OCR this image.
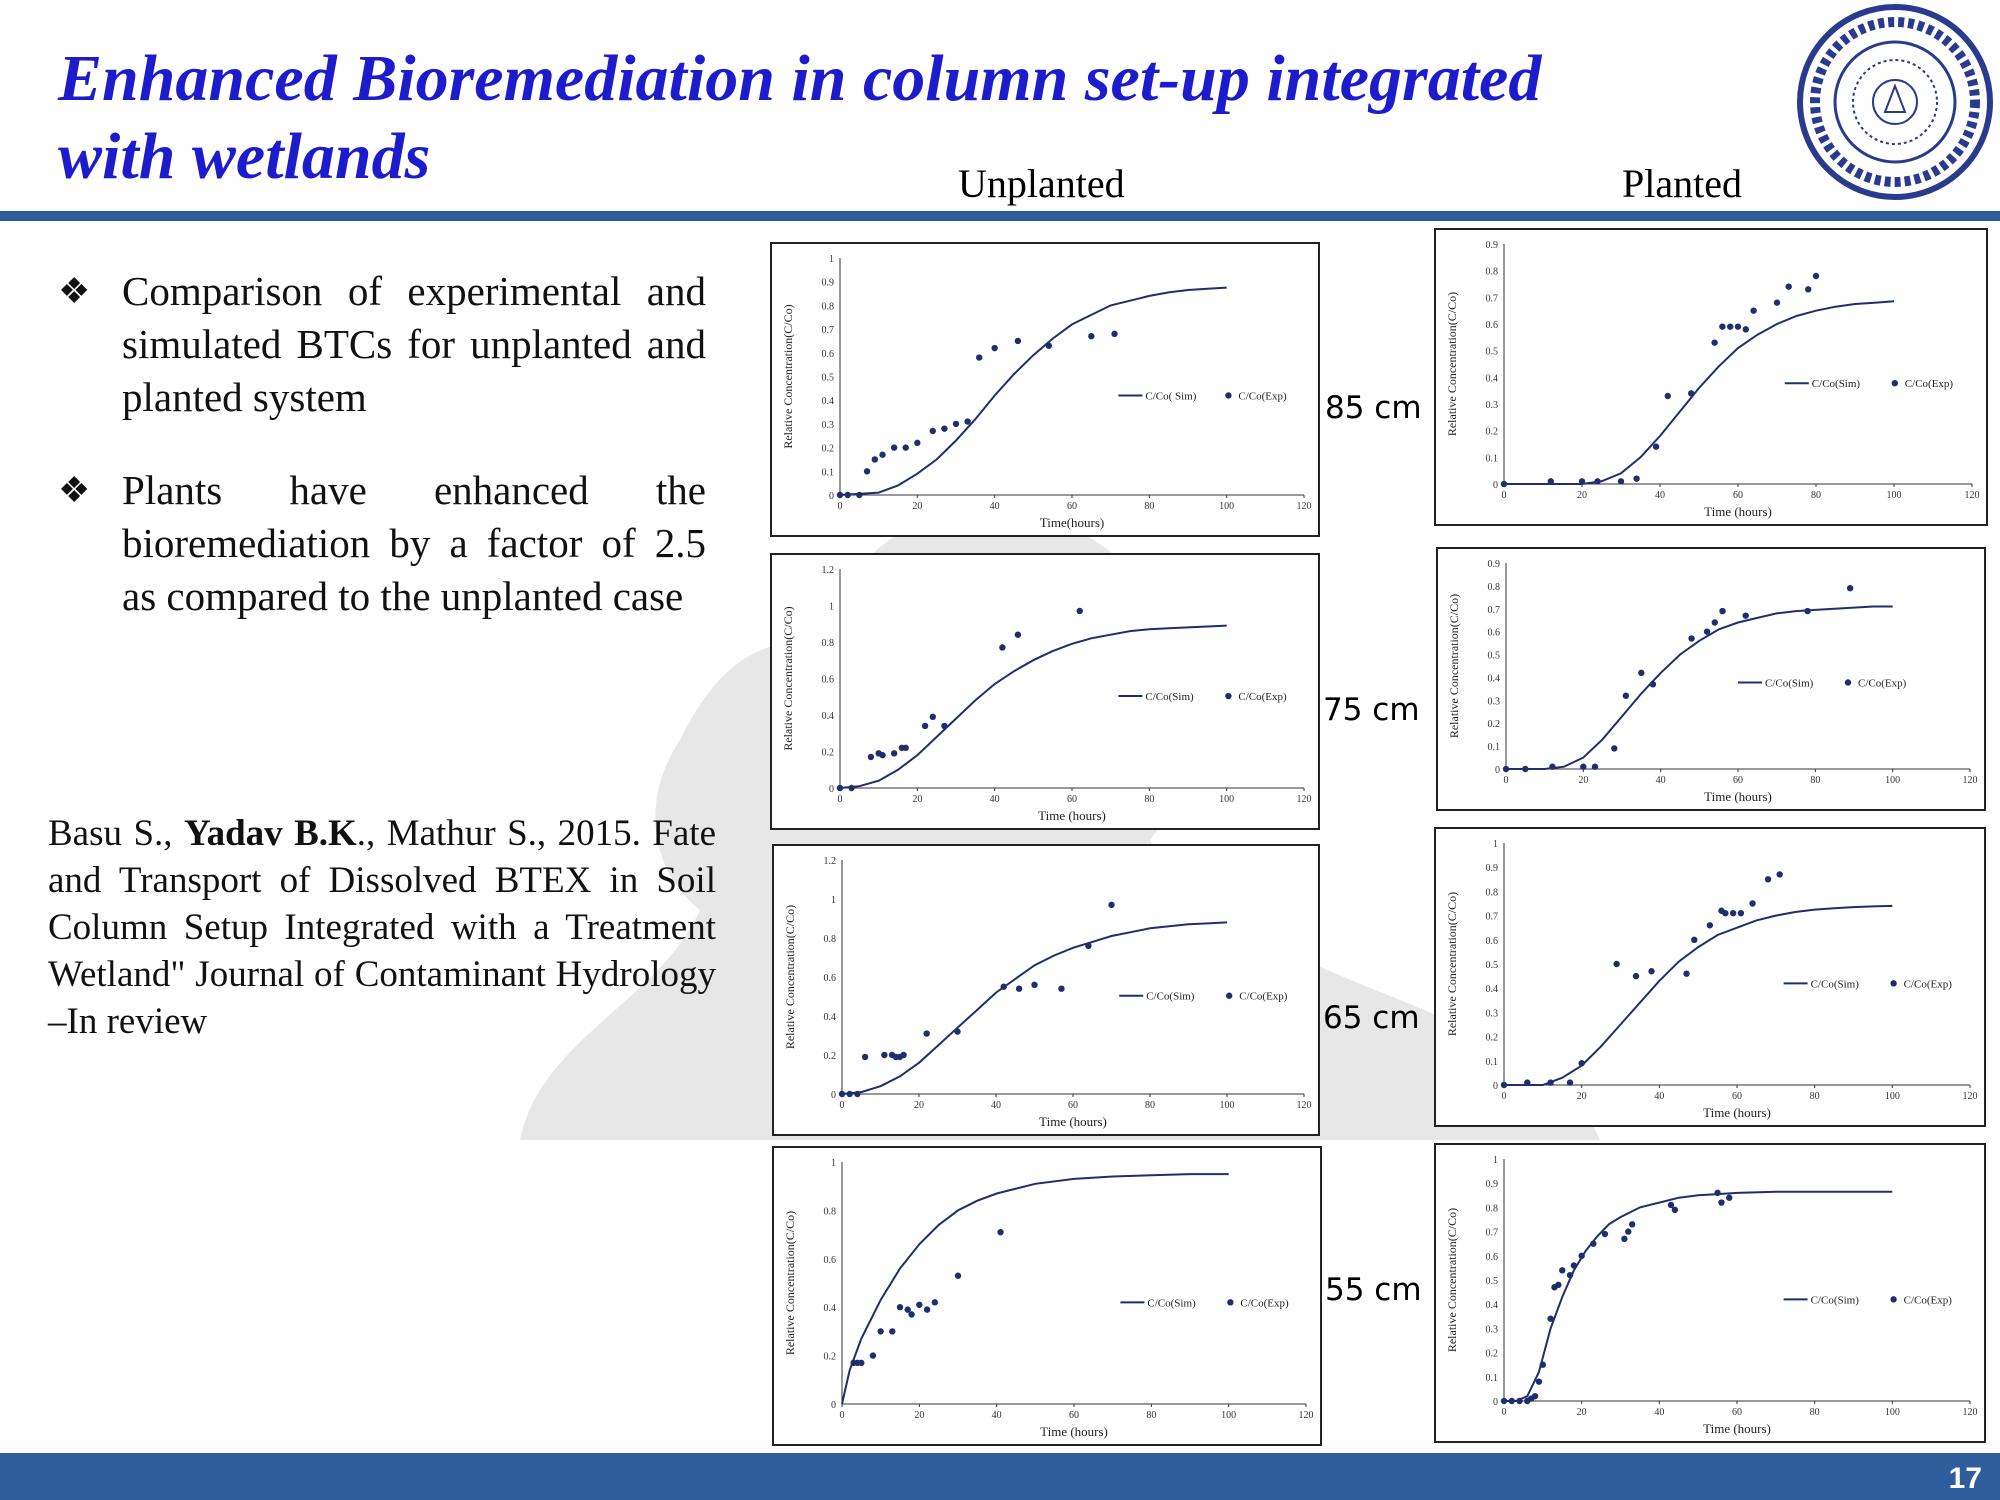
Enhanced Bioremediation in column set-up integrated
with wetlands	Unplanted	Planted
❖ Comparison of experimental and simulated BTCs for unplanted and planted system
❖ Plants have enhanced the bioremediation by a factor of 2.5 as compared to the unplanted case
Basu S., Yadav B.K., Mathur S., 2015. Fate and Transport of Dissolved BTEX in Soil Column Setup Integrated with a Treatment Wetland" Journal of Contaminant Hydrology –In review
85 cm
75 cm
65 cm
55 cm
0
0.1
0.2
0.3
0.4
0.5
0.6
0.7
0.8
0.9
1
0	20	40	60	80	100	120
Time(hours)
Relative Concentration(C/Co)	C/Co( Sim)	C/Co(Exp)
0
0.1
0.2
0.3
0.4
0.5
0.6
0.7
0.8
0.9
0	20	40	60	80	100	120
Time (hours)
Relative Concentration(C/Co)	C/Co(Sim)	C/Co(Exp)
0
0.2
0.4
0.6
0.8
1
1.2
0	20	40	60	80	100	120
Time (hours)
Relative Concentration(C/Co)	C/Co(Sim)	C/Co(Exp)
0
0.1
0.2
0.3
0.4
0.5
0.6
0.7
0.8
0.9
0	20	40	60	80	100	120
Time (hours)
Relative Concentration(C/Co)	C/Co(Sim)	C/Co(Exp)
0
0.2
0.4
0.6
0.8
1
1.2
0	20	40	60	80	100	120
Time (hours)
Relative Concentration(C/Co)	C/Co(Sim)	C/Co(Exp)
0
0.1
0.2
0.3
0.4
0.5
0.6
0.7
0.8
0.9
1
0	20	40	60	80	100	120
Time (hours)
Relative Concentration(C/Co)	C/Co(Sim)	C/Co(Exp)
0
0.2
0.4
0.6
0.8
1
0	20	40	60	80	100	120
Time (hours)
Relative Concentration(C/Co)	C/Co(Sim)	C/Co(Exp)
0
0.1
0.2
0.3
0.4
0.5
0.6
0.7
0.8
0.9
1
0	20	40	60	80	100	120
Time (hours)
Relative Concentration(C/Co)	C/Co(Sim)	C/Co(Exp)
17
